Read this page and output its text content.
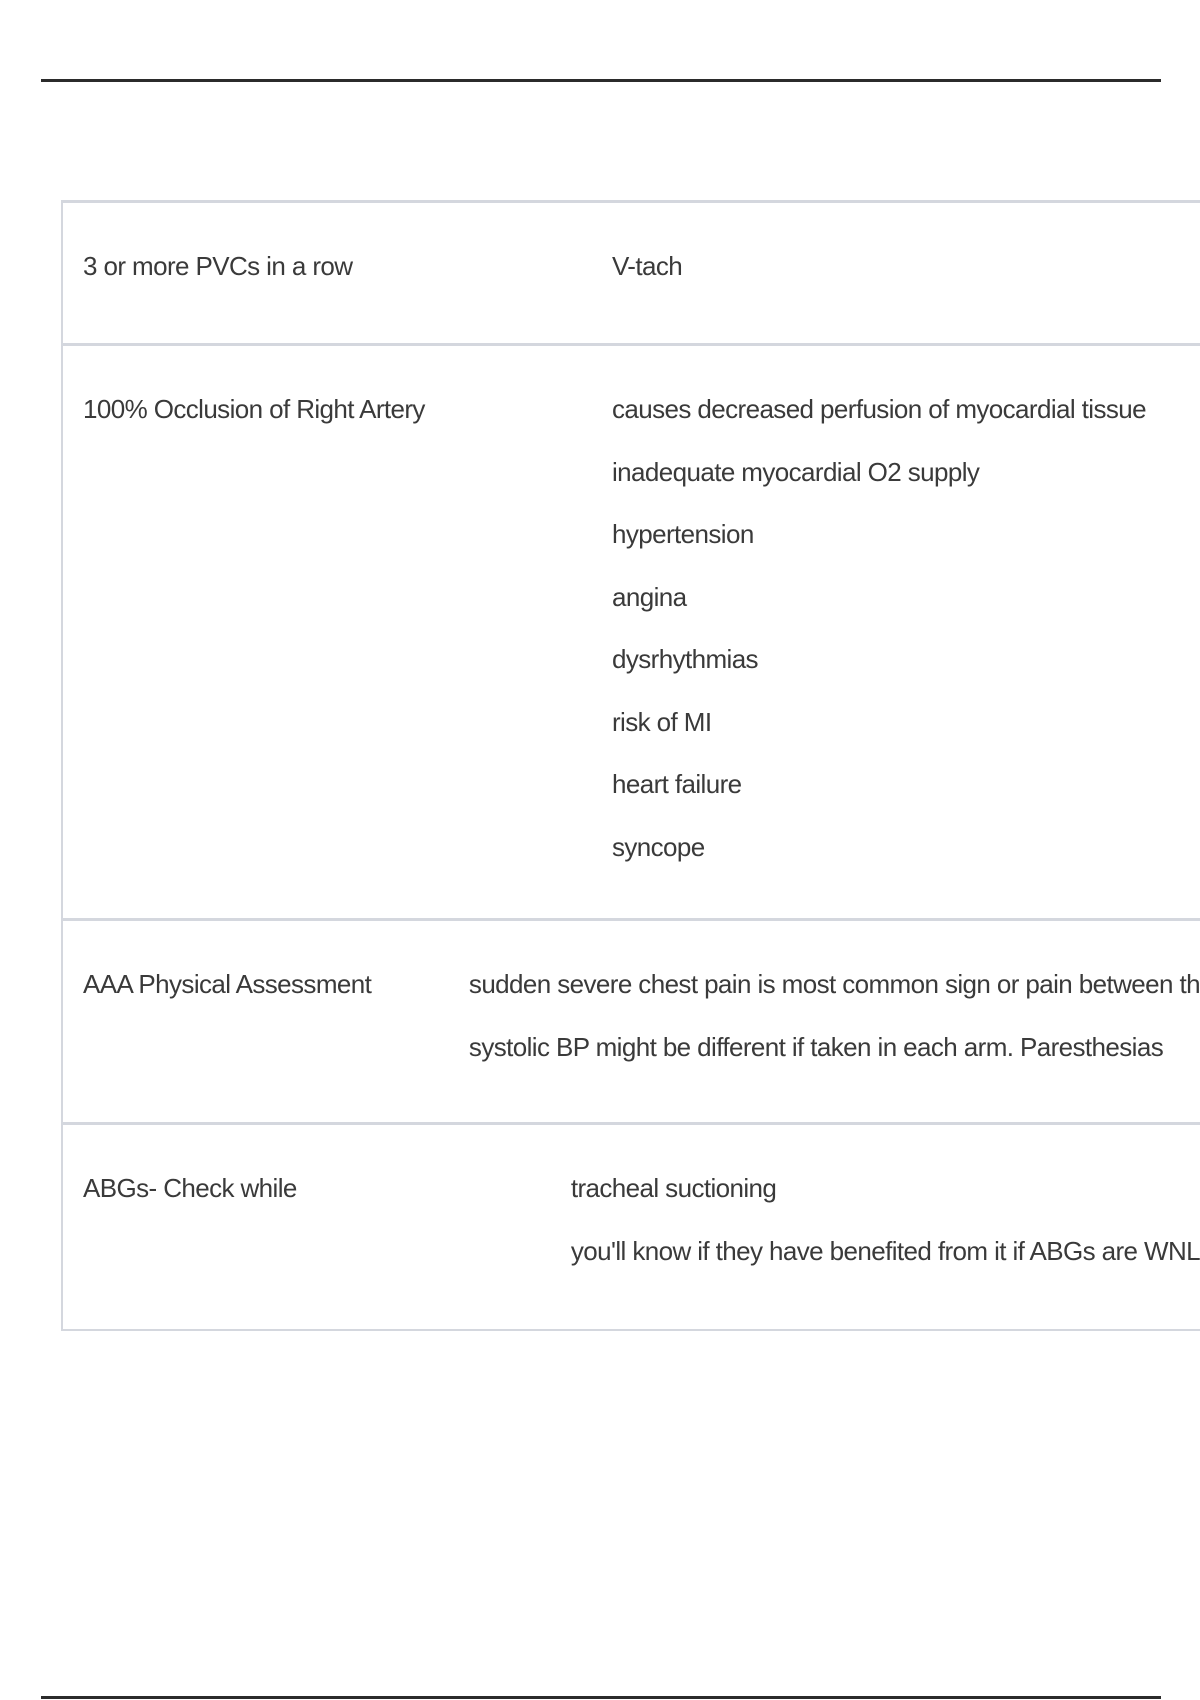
3 or more PVCs in a row	V-tach
100% Occlusion of Right Artery	causes decreased perfusion of myocardial tissue
inadequate myocardial O2 supply
hypertension
angina
dysrhythmias
risk of MI
heart failure
syncope
AAA Physical Assessment	sudden severe chest pain is most common sign or pain between th
systolic BP might be different if taken in each arm. Paresthesias
ABGs- Check while	tracheal suctioning
you'll know if they have benefited from it if ABGs are WNL
